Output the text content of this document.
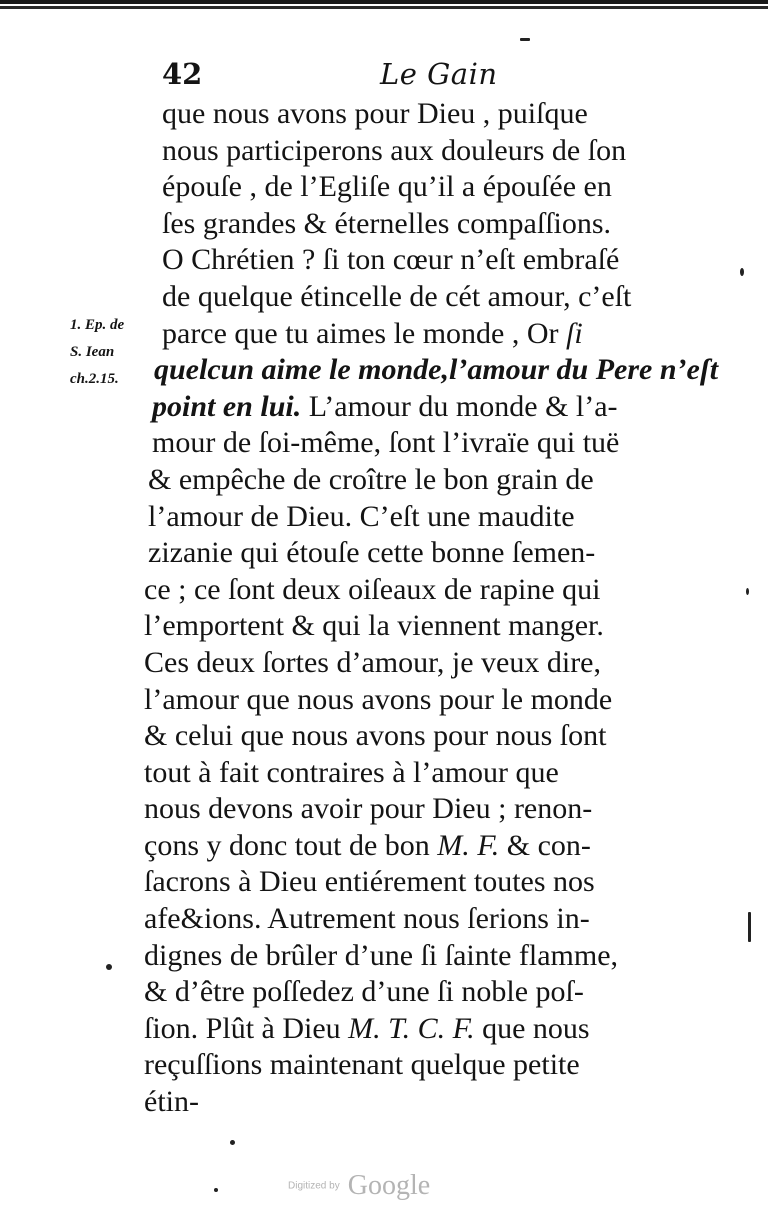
42	Le Gain
1. Ep. de
S. Iean
ch.2.15.
que nous avons pour Dieu , puiſque
nous participerons aux douleurs de ſon
épouſe , de l’Egliſe qu’il a épouſée en
ſes grandes & éternelles compaſſions.
O Chrétien ? ſi ton cœur n’eſt embraſé
de quelque étincelle de cét amour, c’eſt
parce que tu aimes le monde , Or ſi
quelcun aime le monde,l’amour du Pere n’eſt
point en lui. L’amour du monde & l’a-
mour de ſoi-même, ſont l’ivraïe qui tuë
& empêche de croître le bon grain de
l’amour de Dieu. C’eſt une maudite
zizanie qui étouſe cette bonne ſemen-
ce ; ce ſont deux oiſeaux de rapine qui
l’emportent & qui la viennent manger.
Ces deux ſortes d’amour, je veux dire,
l’amour que nous avons pour le monde
& celui que nous avons pour nous ſont
tout à fait contraires à l’amour que
nous devons avoir pour Dieu ; renon-
çons y donc tout de bon M. F. & con-
ſacrons à Dieu entiérement toutes nos
afe&ions. Autrement nous ſerions in-
dignes de brûler d’une ſi ſainte flamme,
& d’être poſſedez d’une ſi noble poſ-
ſion. Plût à Dieu M. T. C. F. que nous
reçuſſions maintenant quelque petite
étin-
Digitized by Google
